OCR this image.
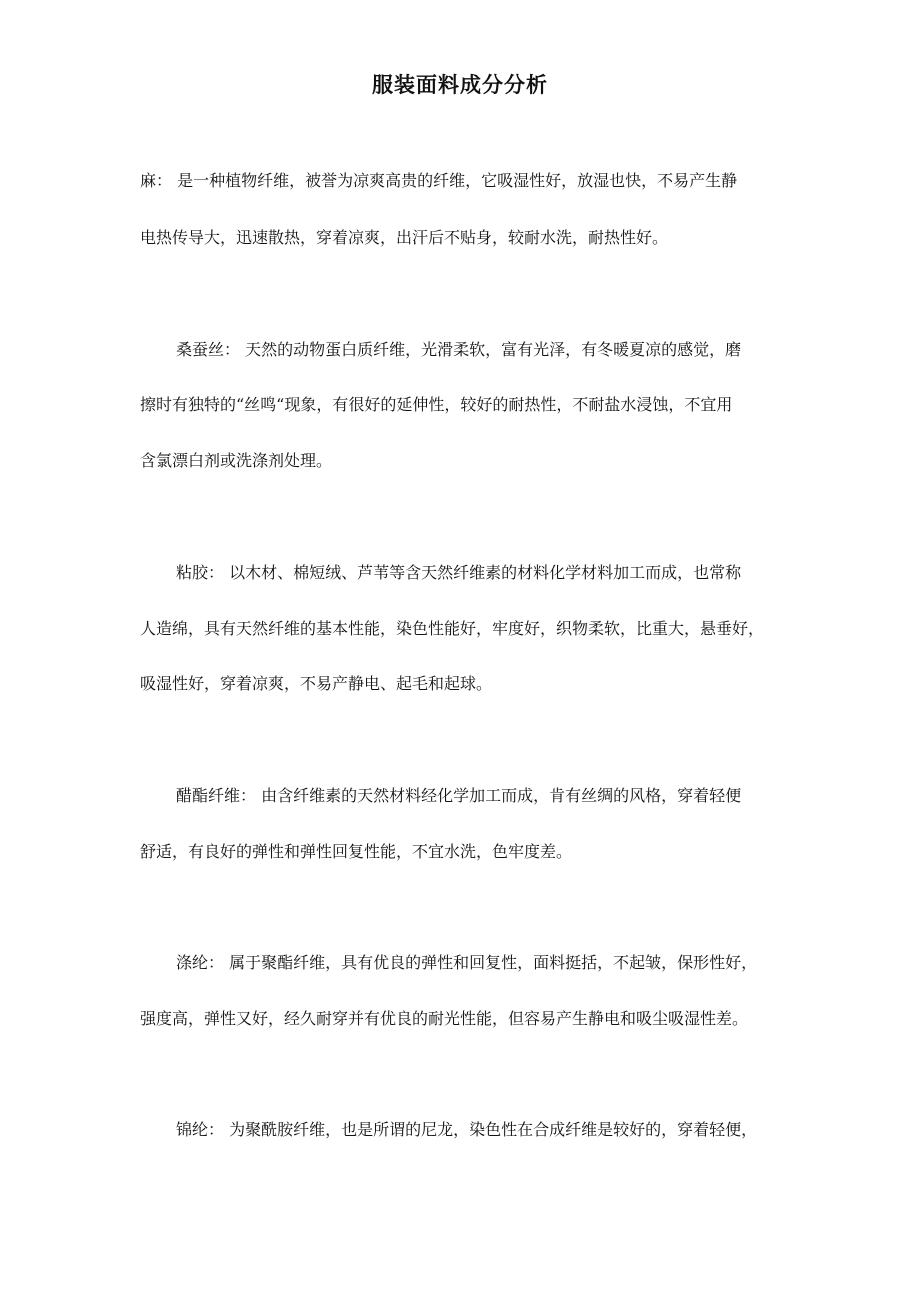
服装面料成分分析
麻： 是一种植物纤维，被誉为凉爽高贵的纤维，它吸湿性好，放湿也快，不易产生静
电热传导大，迅速散热，穿着凉爽，出汗后不贴身，较耐水洗，耐热性好。
桑蚕丝： 天然的动物蛋白质纤维，光滑柔软，富有光泽，有冬暖夏凉的感觉，磨
擦时有独特的“丝鸣“现象，有很好的延伸性，较好的耐热性，不耐盐水浸蚀，不宜用
含氯漂白剂或洗涤剂处理。
粘胶： 以木材、棉短绒、芦苇等含天然纤维素的材料化学材料加工而成，也常称
人造绵，具有天然纤维的基本性能，染色性能好，牢度好，织物柔软，比重大，悬垂好，
吸湿性好，穿着凉爽，不易产静电、起毛和起球。
醋酯纤维： 由含纤维素的天然材料经化学加工而成，肯有丝绸的风格，穿着轻便
舒适，有良好的弹性和弹性回复性能，不宜水洗，色牢度差。
涤纶： 属于聚酯纤维，具有优良的弹性和回复性，面料挺括，不起皱，保形性好，
强度高，弹性又好，经久耐穿并有优良的耐光性能，但容易产生静电和吸尘吸湿性差。
锦纶： 为聚酰胺纤维，也是所谓的尼龙，染色性在合成纤维是较好的，穿着轻便，
